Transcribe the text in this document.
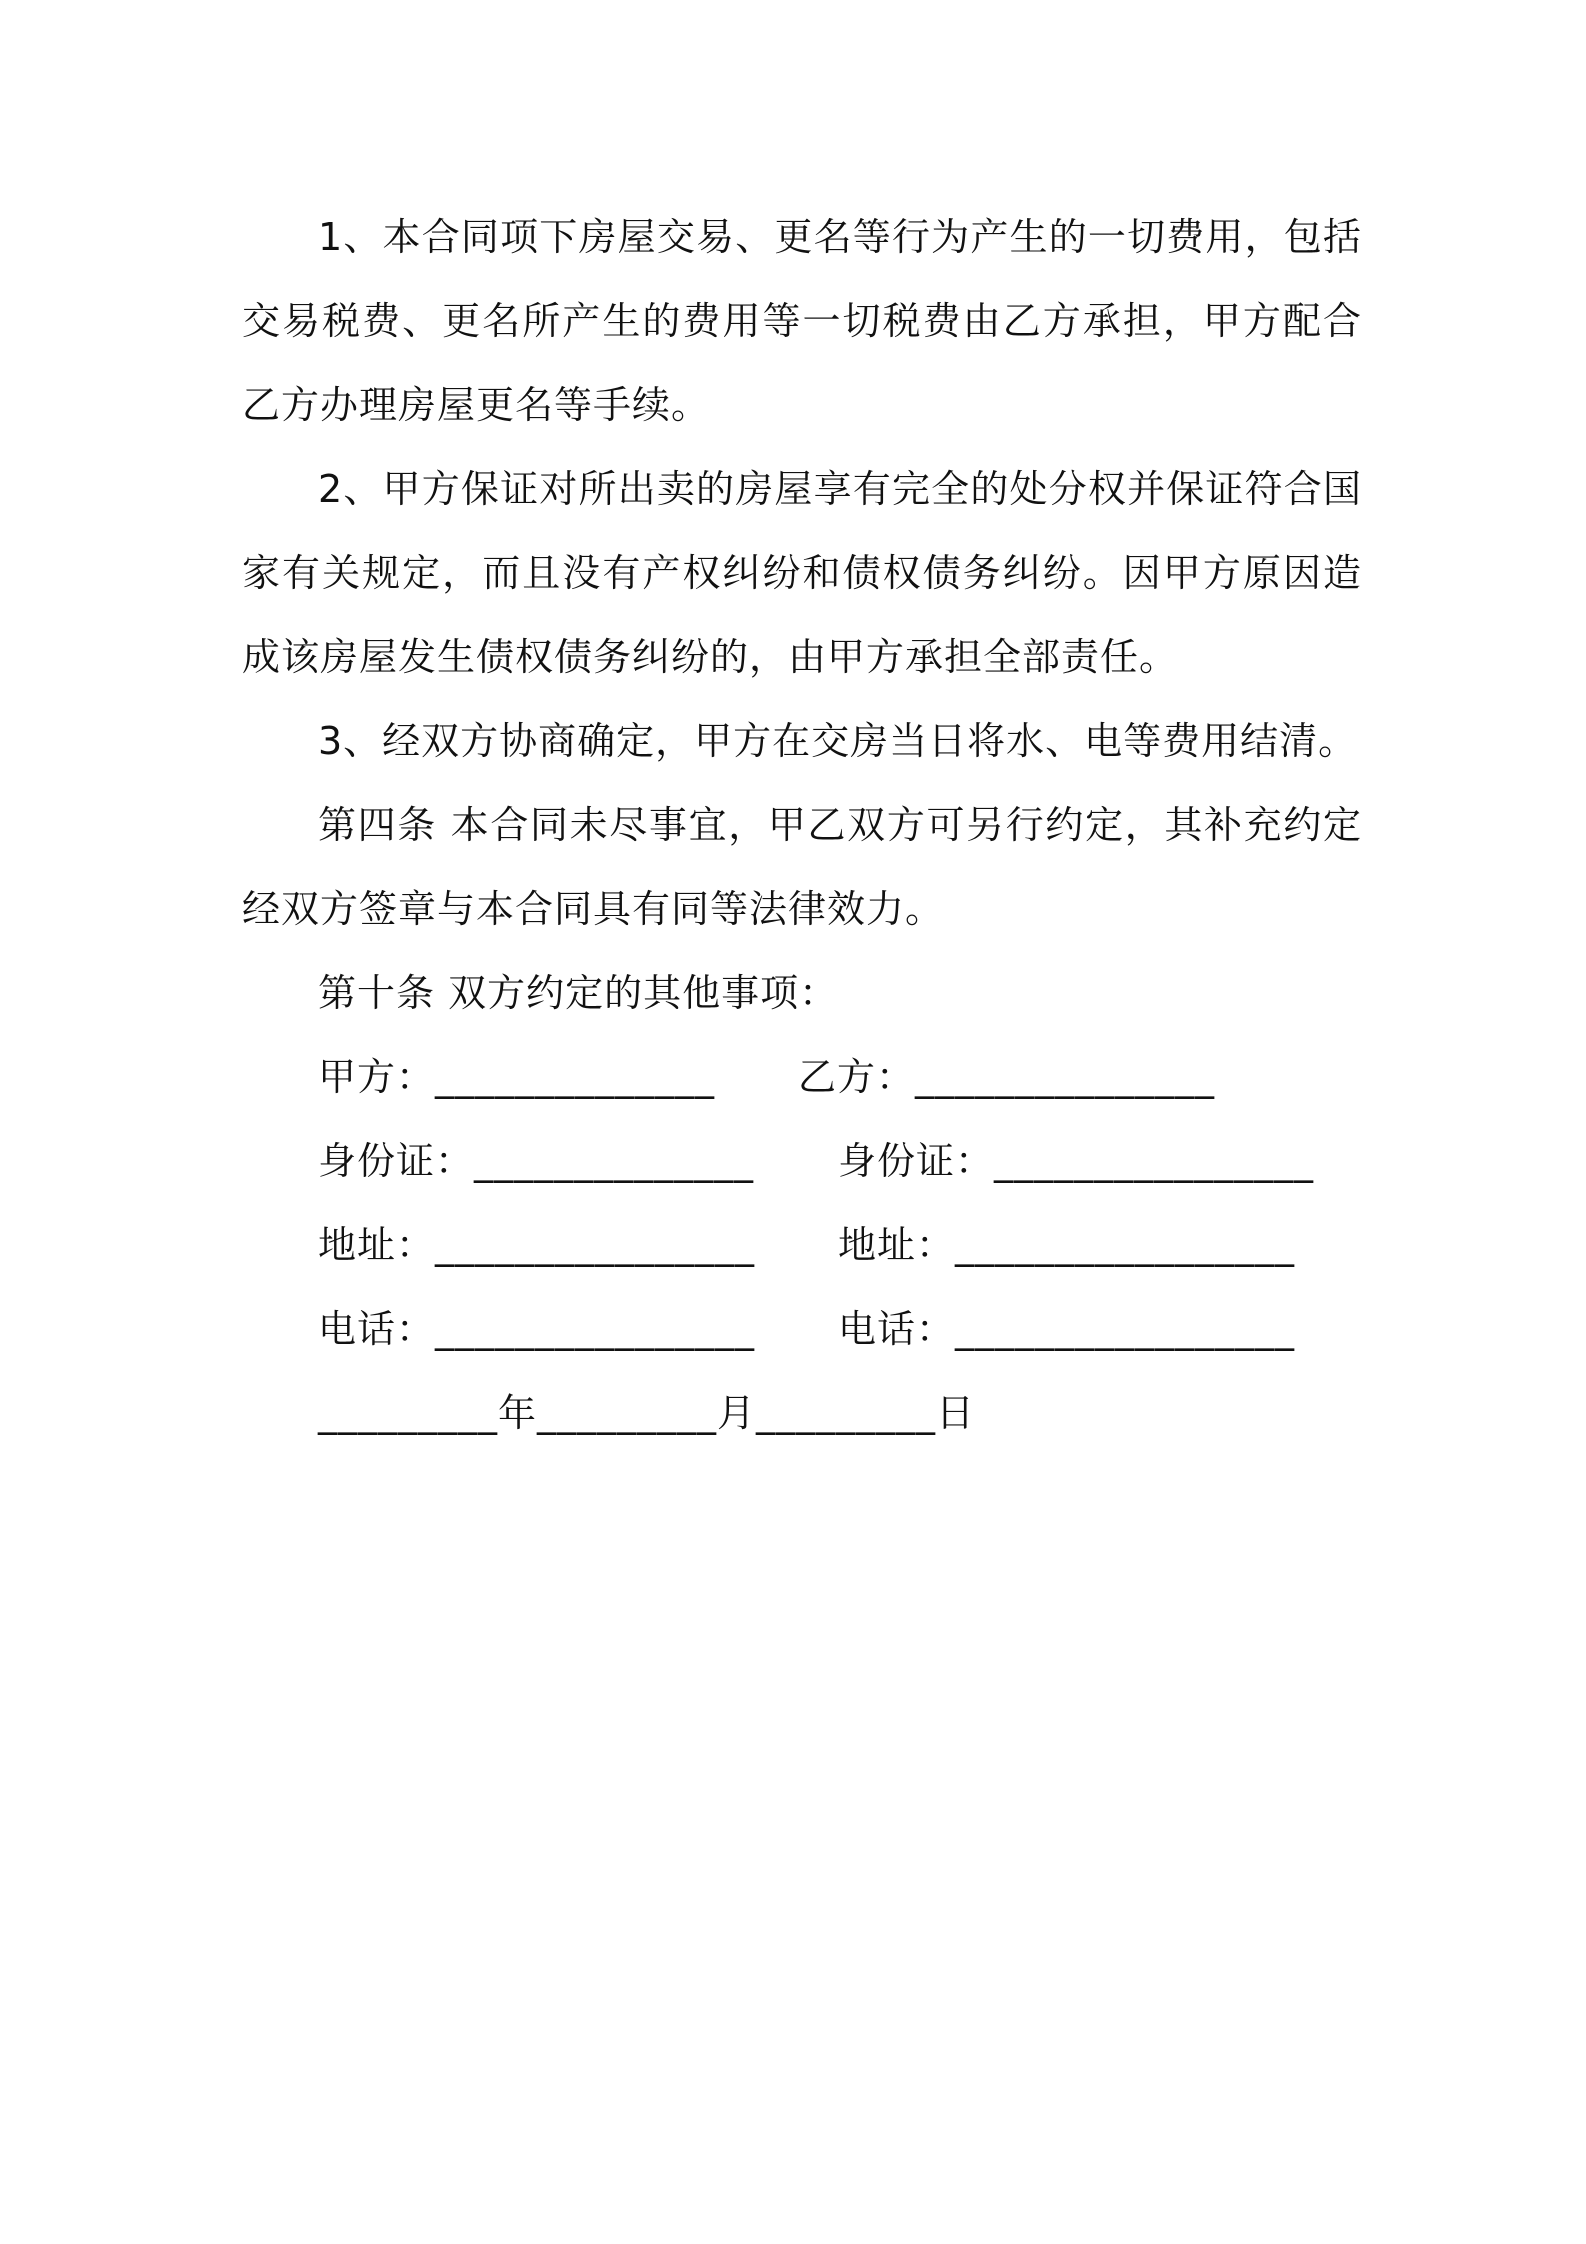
1、本合同项下房屋交易、更名等行为产生的一切费用，包括交易税费、更名所产生的费用等一切税费由乙方承担，甲方配合乙方办理房屋更名等手续。

2、甲方保证对所出卖的房屋享有完全的处分权并保证符合国家有关规定，而且没有产权纠纷和债权债务纠纷。因甲方原因造成该房屋发生债权债务纠纷的，由甲方承担全部责任。

3、经双方协商确定，甲方在交房当日将水、电等费用结清。

第四条 本合同未尽事宜，甲乙双方可另行约定，其补充约定经双方签章与本合同具有同等法律效力。

第十条 双方约定的其他事项：

甲方：______________	乙方：_______________
身份证：______________	身份证：________________
地址：________________	地址：_________________
电话：________________	电话：_________________

_________年_________月_________日
